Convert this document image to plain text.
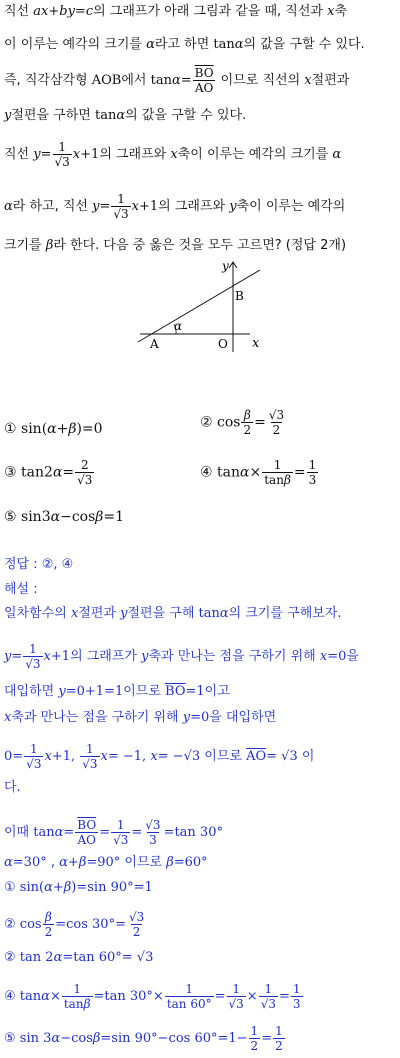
직선 ax+by=c의 그래프가 아래 그림과 같을 때, 직선과 x축
이 이루는 예각의 크기를 α라고 하면 tanα의 값을 구할 수 있다.
즉, 직각삼각형 AOB에서 $\tan\alpha= \frac{\overline{BO}}{AO}$ 이므로 직선의 x절편과
y절편을 구하면 tanα의 값을 구할 수 있다.
직선 $y= \frac{1}{√3} x+1$의 그래프와 x축이 이루는 예각의 크기를 α
α라 하고, 직선 $y= \frac{1}{√3} x+1$의 그래프와 y축이 이루는 예각의
크기를 β라 한다. 다음 중 옳은 것을 모두 고르면? (정답 2개)
y
x
B
A	O
α
① sin(α+β)=0	② $\cos \frac{\beta}{2} = \frac{√3}{2}$
③ $\tan 2\alpha= \frac{2}{√3}$	④ $\tan\alpha\times \frac{1}{\tan\beta} = \frac{1}{3}$
⑤ sin3α−cosβ=1
정답 : ②, ④
해설 :
일차함수의 x절편과 y절편을 구해 tanα의 크기를 구해보자.
$y= \frac{1}{√3} x+1$의 그래프가 y축과 만나는 점을 구하기 위해 x=0을
대입하면 y=0+1=1이므로 $\overline{BO}=1$이고
x축과 만나는 점을 구하기 위해 y=0을 대입하면
$0= \frac{1}{√3} x+1$, $\frac{1}{√3} x= -1$, x= −√3 이므로 $\overline{AO}= √3$ 이
다.
이때 $\tan\alpha= \frac{\overline{BO}}{AO} = \frac{1}{√3} = \frac{√3}{3} =\tan$ 30°
α=30° , α+β=90° 이므로 β=60°
① sin(α+β)=sin 90°=1
② $\cos \frac{\beta}{2} =\cos$ $30^\circ= \frac{√3}{2}$
② tan 2α=tan 60°= √3
④ $\tan\alpha\times \frac{1}{\tan\beta} =\tan$ $30^\circ\times \frac{1}{\tan 60^\circ} = \frac{1}{√3} \times \frac{1}{√3} = \frac{1}{3}$
⑤ sin 3α−cosβ=sin 90°−cos $60^\circ=1- \frac{1}{2} = \frac{1}{2}$
